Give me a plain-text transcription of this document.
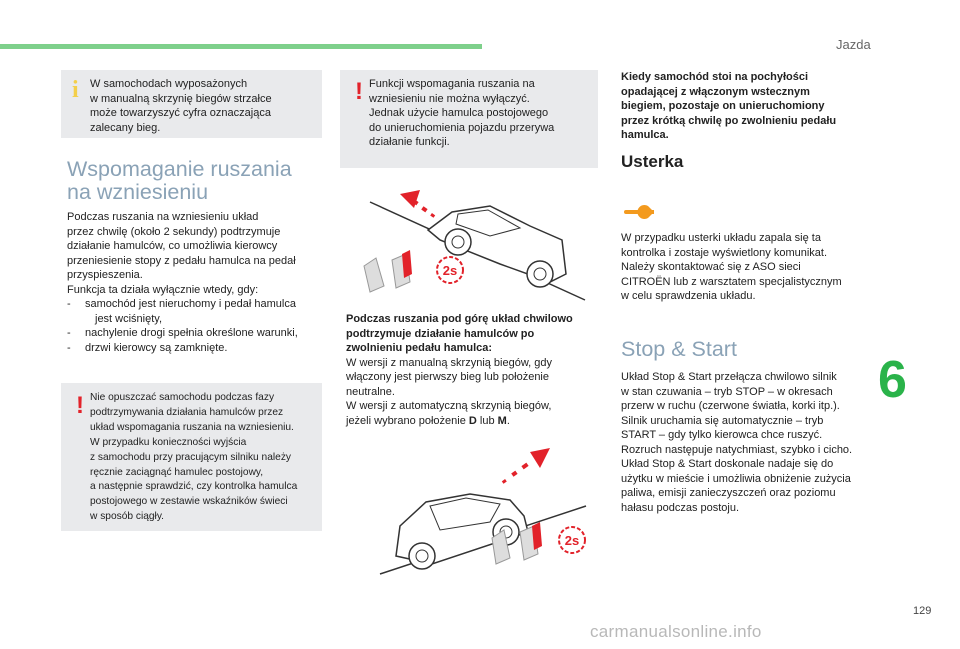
Jazda
i W samochodach wyposażonych
w manualną skrzynię biegów strzałce
może towarzyszyć cyfra oznaczająca
zalecany bieg.
Wspomaganie ruszania
na wzniesieniu
Podczas ruszania na wzniesieniu układ
przez chwilę (około 2 sekundy) podtrzymuje
działanie hamulców, co umożliwia kierowcy
przeniesienie stopy z pedału hamulca na pedał
przyspieszenia.
Funkcja ta działa wyłącznie wtedy, gdy:
- samochód jest nieruchomy i pedał hamulca
jest wciśnięty,
- nachylenie drogi spełnia określone warunki,
- drzwi kierowcy są zamknięte.
! Nie opuszczać samochodu podczas fazy
podtrzymywania działania hamulców przez
układ wspomagania ruszania na wzniesieniu.
W przypadku konieczności wyjścia
z samochodu przy pracującym silniku należy
ręcznie zaciągnąć hamulec postojowy,
a następnie sprawdzić, czy kontrolka hamulca
postojowego w zestawie wskaźników świeci
w sposób ciągły.
! Funkcji wspomagania ruszania na
wzniesieniu nie można wyłączyć.
Jednak użycie hamulca postojowego
do unieruchomienia pojazdu przerywa
działanie funkcji.
2s
Podczas ruszania pod górę układ chwilowo
podtrzymuje działanie hamulców po
zwolnieniu pedału hamulca:
W wersji z manualną skrzynią biegów, gdy
włączony jest pierwszy bieg lub położenie
neutralne.
W wersji z automatyczną skrzynią biegów,
jeżeli wybrano położenie D lub M.
2s
Kiedy samochód stoi na pochyłości
opadającej z włączonym wstecznym
biegiem, pozostaje on unieruchomiony
przez krótką chwilę po zwolnieniu pedału
hamulca.
Usterka
W przypadku usterki układu zapala się ta
kontrolka i zostaje wyświetlony komunikat.
Należy skontaktować się z ASO sieci
CITROËN lub z warsztatem specjalistycznym
w celu sprawdzenia układu.
Stop & Start
Układ Stop & Start przełącza chwilowo silnik
w stan czuwania – tryb STOP – w okresach
przerw w ruchu (czerwone światła, korki itp.).
Silnik uruchamia się automatycznie – tryb
START – gdy tylko kierowca chce ruszyć.
Rozruch następuje natychmiast, szybko i cicho.
Układ Stop & Start doskonale nadaje się do
użytku w mieście i umożliwia obniżenie zużycia
paliwa, emisji zanieczyszczeń oraz poziomu
hałasu podczas postoju.
6
129
carmanualsonline.info
